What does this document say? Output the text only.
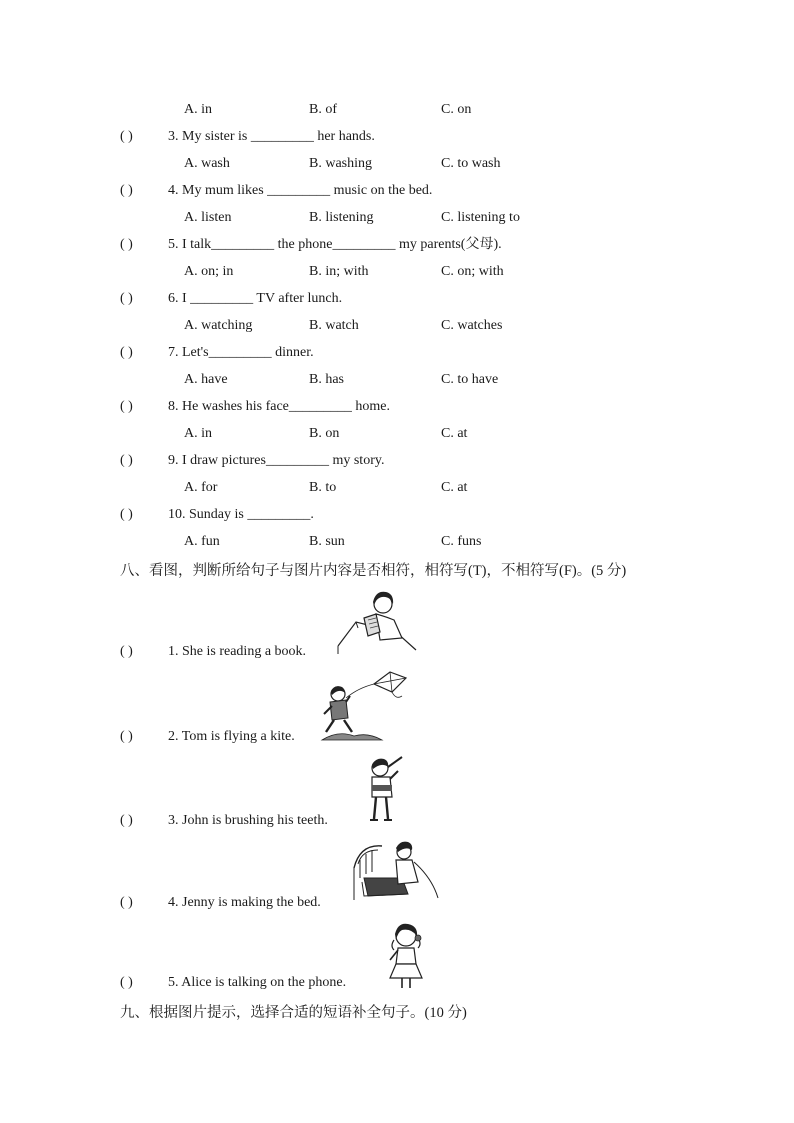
A. in	B. of	C. on
( )	3. My sister is _________ her hands.
A. wash	B. washing	C. to wash
( )	4. My mum likes _________ music on the bed.
A. listen	B. listening	C. listening to
( )	5. I talk_________ the phone_________ my parents(父母).
A. on; in	B. in; with	C. on; with
( )	6. I _________ TV after lunch.
A. watching	B. watch	C. watches
( )	7. Let's_________ dinner.
A. have	B. has	C. to have
( )	8. He washes his face_________ home.
A. in	B. on	C. at
( )	9. I draw pictures_________ my story.
A. for	B. to	C. at
( )	10. Sunday is _________.
A. fun	B. sun	C. funs
八、看图，判断所给句子与图片内容是否相符，相符写(T)，不相符写(F)。(5 分)
( )	1. She is reading a book.
( )	2. Tom is flying a kite.
( )	3. John is brushing his teeth.
( )	4. Jenny is making the bed.
( )	5. Alice is talking on the phone.
九、根据图片提示，选择合适的短语补全句子。(10 分)
